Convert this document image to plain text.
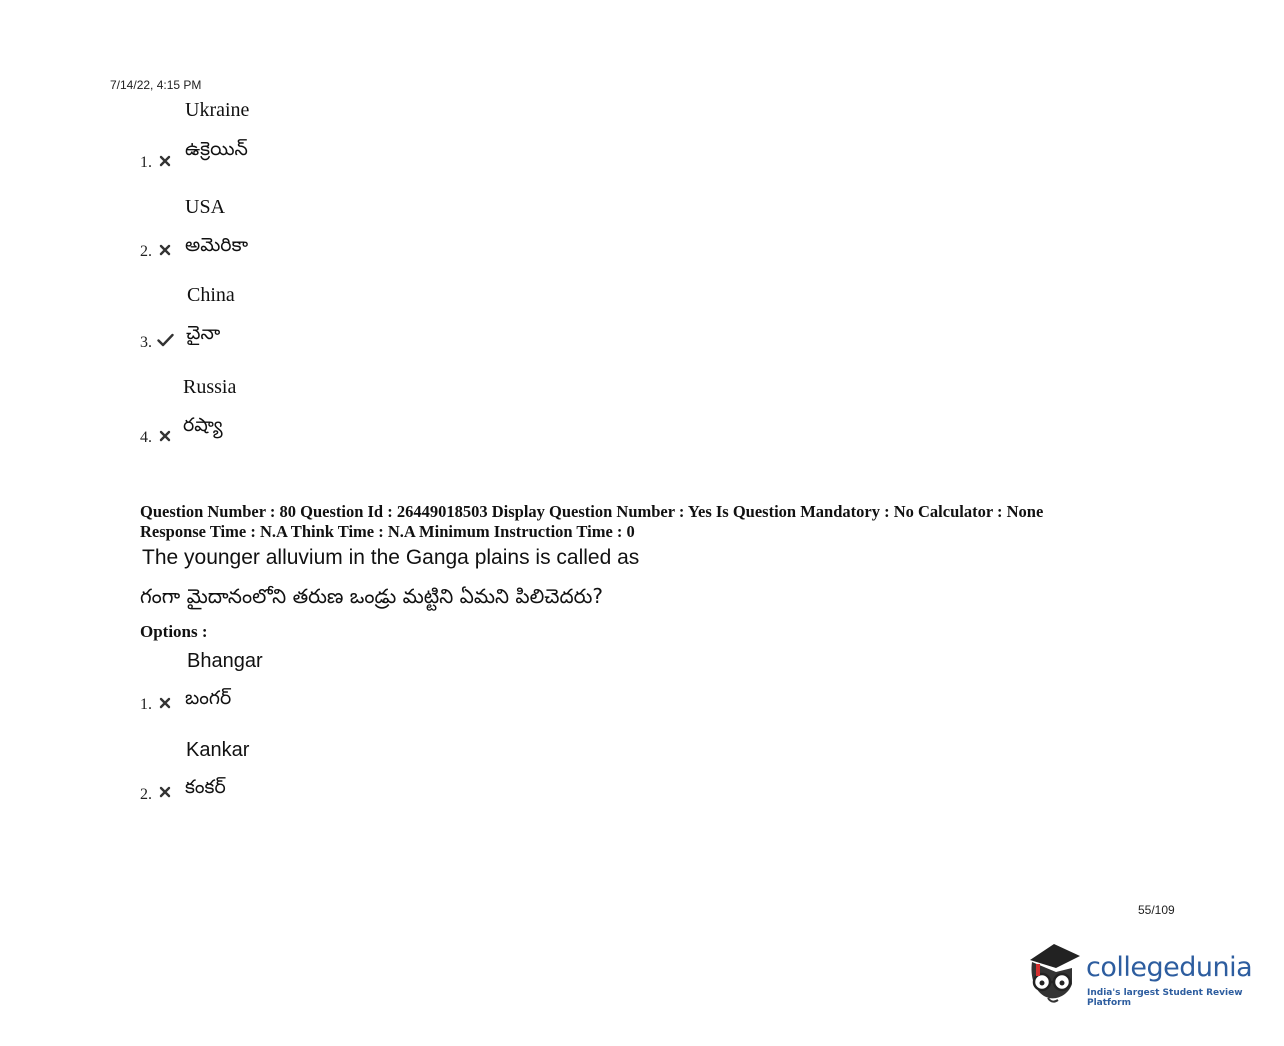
7/14/22, 4:15 PM
Ukraine
1.
ఉక్రెయిన్
USA
2. అమెరికా
China
3. చైనా
Russia
4.
రష్యా
Question Number : 80 Question Id : 26449018503 Display Question Number : Yes Is Question Mandatory : No Calculator : None
Response Time : N.A Think Time : N.A Minimum Instruction Time : 0
The younger alluvium in the Ganga plains is called as
గంగా మైదానంలోని తరుణ ఒండ్రు మట్టిని ఏమని పిలిచెదరు?
Options :
Bhangar
1. బంగర్
Kankar
2. కంకర్
55/109
collegedunia
India's largest Student Review Platform
